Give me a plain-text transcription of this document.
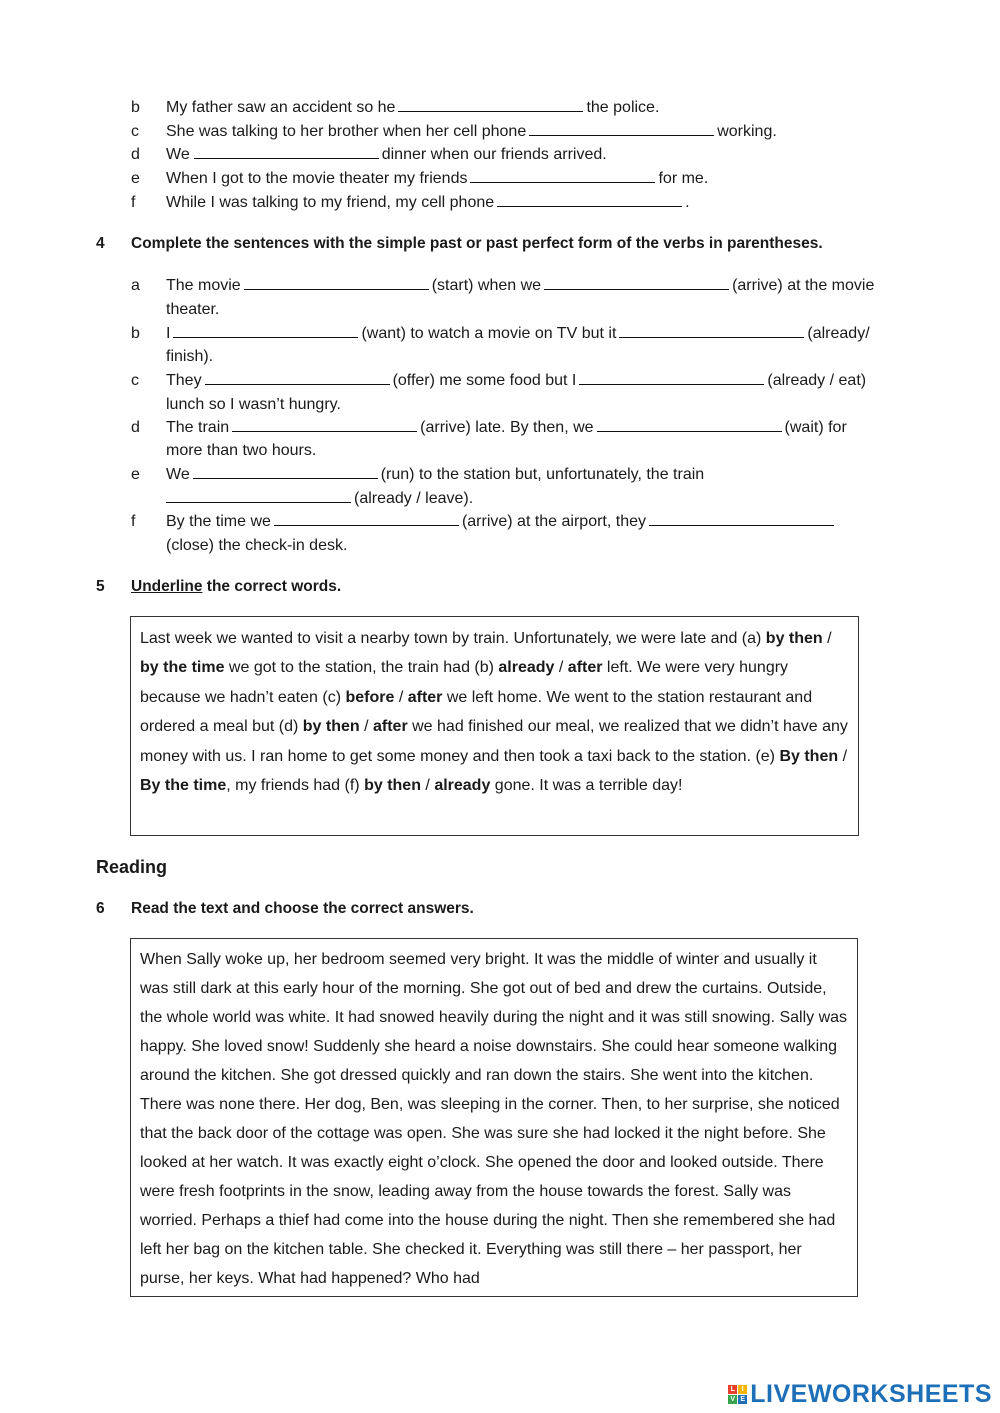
b My father saw an accident so he	the police.
c She was talking to her brother when her cell phone	working.
d We	dinner when our friends arrived.
e When I got to the movie theater my friends	for me.
f While I was talking to my friend, my cell phone	.
4 Complete the sentences with the simple past or past perfect form of the verbs in parentheses.
a The movie	(start) when we	(arrive) at the movie
theater.
b I	(want) to watch a movie on TV but it	(already/
finish).
c They	(offer) me some food but I	(already / eat)
lunch so I wasn’t hungry.
d The train	(arrive) late. By then, we	(wait) for
more than two hours.
e We	(run) to the station but, unfortunately, the train
(already / leave).
f By the time we	(arrive) at the airport, they
(close) the check-in desk.
5 Underline the correct words.
Last week we wanted to visit a nearby town by train. Unfortunately, we were late and (a) by then / by the time we got to the station, the train had (b) already / after left. We were very hungry because we hadn’t eaten (c) before / after we left home. We went to the station restaurant and ordered a meal but (d) by then / after we had finished our meal, we realized that we didn’t have any money with us. I ran home to get some money and then took a taxi back to the station. (e) By then / By the time, my friends had (f) by then / already gone. It was a terrible day!
Reading
6 Read the text and choose the correct answers.
When Sally woke up, her bedroom seemed very bright. It was the middle of winter and usually it was still dark at this early hour of the morning. She got out of bed and drew the curtains. Outside, the whole world was white. It had snowed heavily during the night and it was still snowing. Sally was happy. She loved snow! Suddenly she heard a noise downstairs. She could hear someone walking around the kitchen. She got dressed quickly and ran down the stairs. She went into the kitchen. There was none there. Her dog, Ben, was sleeping in the corner. Then, to her surprise, she noticed that the back door of the cottage was open. She was sure she had locked it the night before. She looked at her watch. It was exactly eight o’clock. She opened the door and looked outside. There were fresh footprints in the snow, leading away from the house towards the forest. Sally was worried. Perhaps a thief had come into the house during the night. Then she remembered she had left her bag on the kitchen table. She checked it. Everything was still there – her passport, her purse, her keys. What had happened? Who had
L I
V E LIVEWORKSHEETS
